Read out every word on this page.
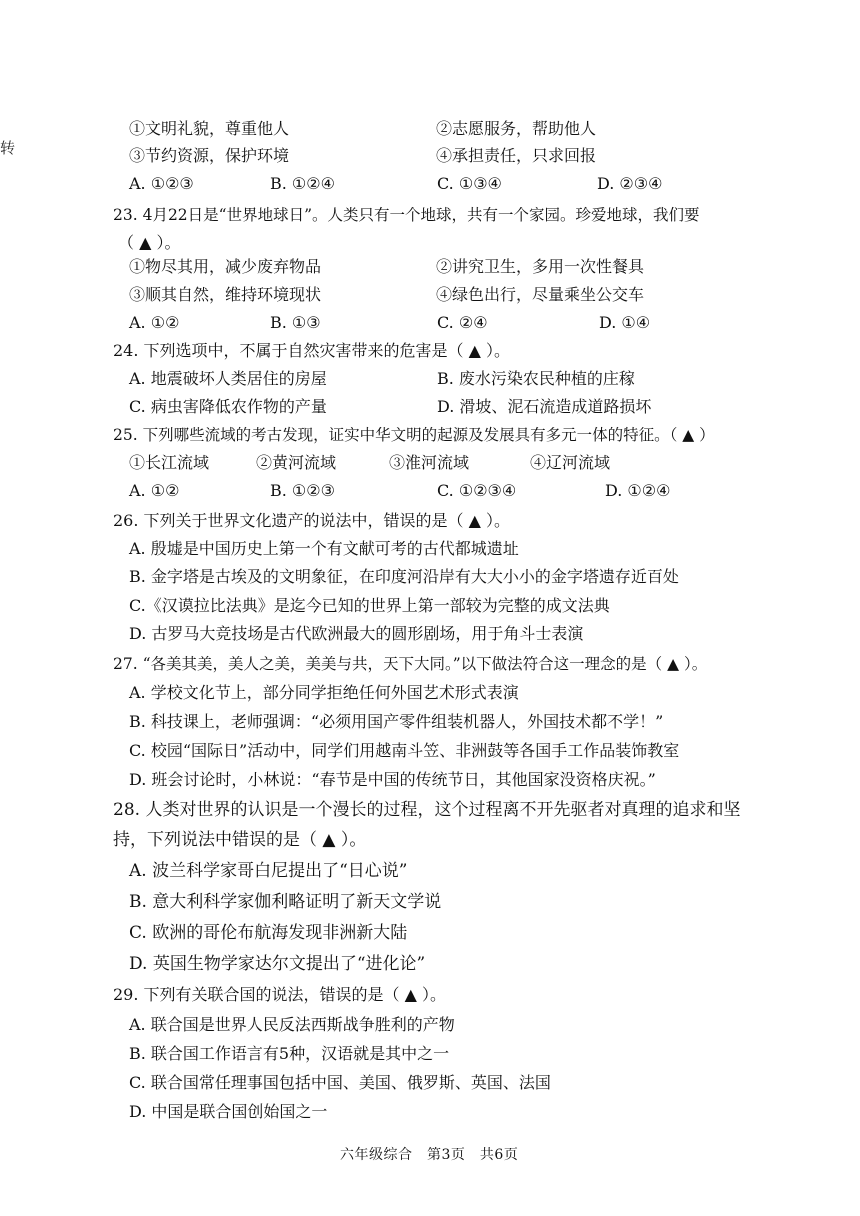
转
①文明礼貌，尊重他人	②志愿服务，帮助他人
③节约资源，保护环境	④承担责任，只求回报
A. ①②③	B. ①②④	C. ①③④	D. ②③④
23. 4月22日是“世界地球日”。人类只有一个地球，共有一个家园。珍爱地球，我们要
（ ▲ ）。
①物尽其用，减少废弃物品	②讲究卫生，多用一次性餐具
③顺其自然，维持环境现状	④绿色出行，尽量乘坐公交车
A. ①②	B. ①③	C. ②④	D. ①④
24. 下列选项中，不属于自然灾害带来的危害是（ ▲ ）。
A. 地震破坏人类居住的房屋	B. 废水污染农民种植的庄稼
C. 病虫害降低农作物的产量	D. 滑坡、泥石流造成道路损坏
25. 下列哪些流域的考古发现，证实中华文明的起源及发展具有多元一体的特征。（ ▲ ）
①长江流域	②黄河流域	③淮河流域	④辽河流域
A. ①②	B. ①②③	C. ①②③④	D. ①②④
26. 下列关于世界文化遗产的说法中，错误的是（ ▲ ）。
A. 殷墟是中国历史上第一个有文献可考的古代都城遗址
B. 金字塔是古埃及的文明象征，在印度河沿岸有大大小小的金字塔遗存近百处
C.《汉谟拉比法典》是迄今已知的世界上第一部较为完整的成文法典
D. 古罗马大竞技场是古代欧洲最大的圆形剧场，用于角斗士表演
27. “各美其美，美人之美，美美与共，天下大同。”以下做法符合这一理念的是（ ▲ ）。
A. 学校文化节上，部分同学拒绝任何外国艺术形式表演
B. 科技课上，老师强调：“必须用国产零件组装机器人，外国技术都不学！”
C. 校园“国际日”活动中，同学们用越南斗笠、非洲鼓等各国手工作品装饰教室
D. 班会讨论时，小林说：“春节是中国的传统节日，其他国家没资格庆祝。”
28. 人类对世界的认识是一个漫长的过程，这个过程离不开先驱者对真理的追求和坚
持，下列说法中错误的是（ ▲ ）。
A. 波兰科学家哥白尼提出了“日心说”
B. 意大利科学家伽利略证明了新天文学说
C. 欧洲的哥伦布航海发现非洲新大陆
D. 英国生物学家达尔文提出了“进化论”
29. 下列有关联合国的说法，错误的是（ ▲ ）。
A. 联合国是世界人民反法西斯战争胜利的产物
B. 联合国工作语言有5种，汉语就是其中之一
C. 联合国常任理事国包括中国、美国、俄罗斯、英国、法国
D. 中国是联合国创始国之一
六年级综合　第3页　共6页
